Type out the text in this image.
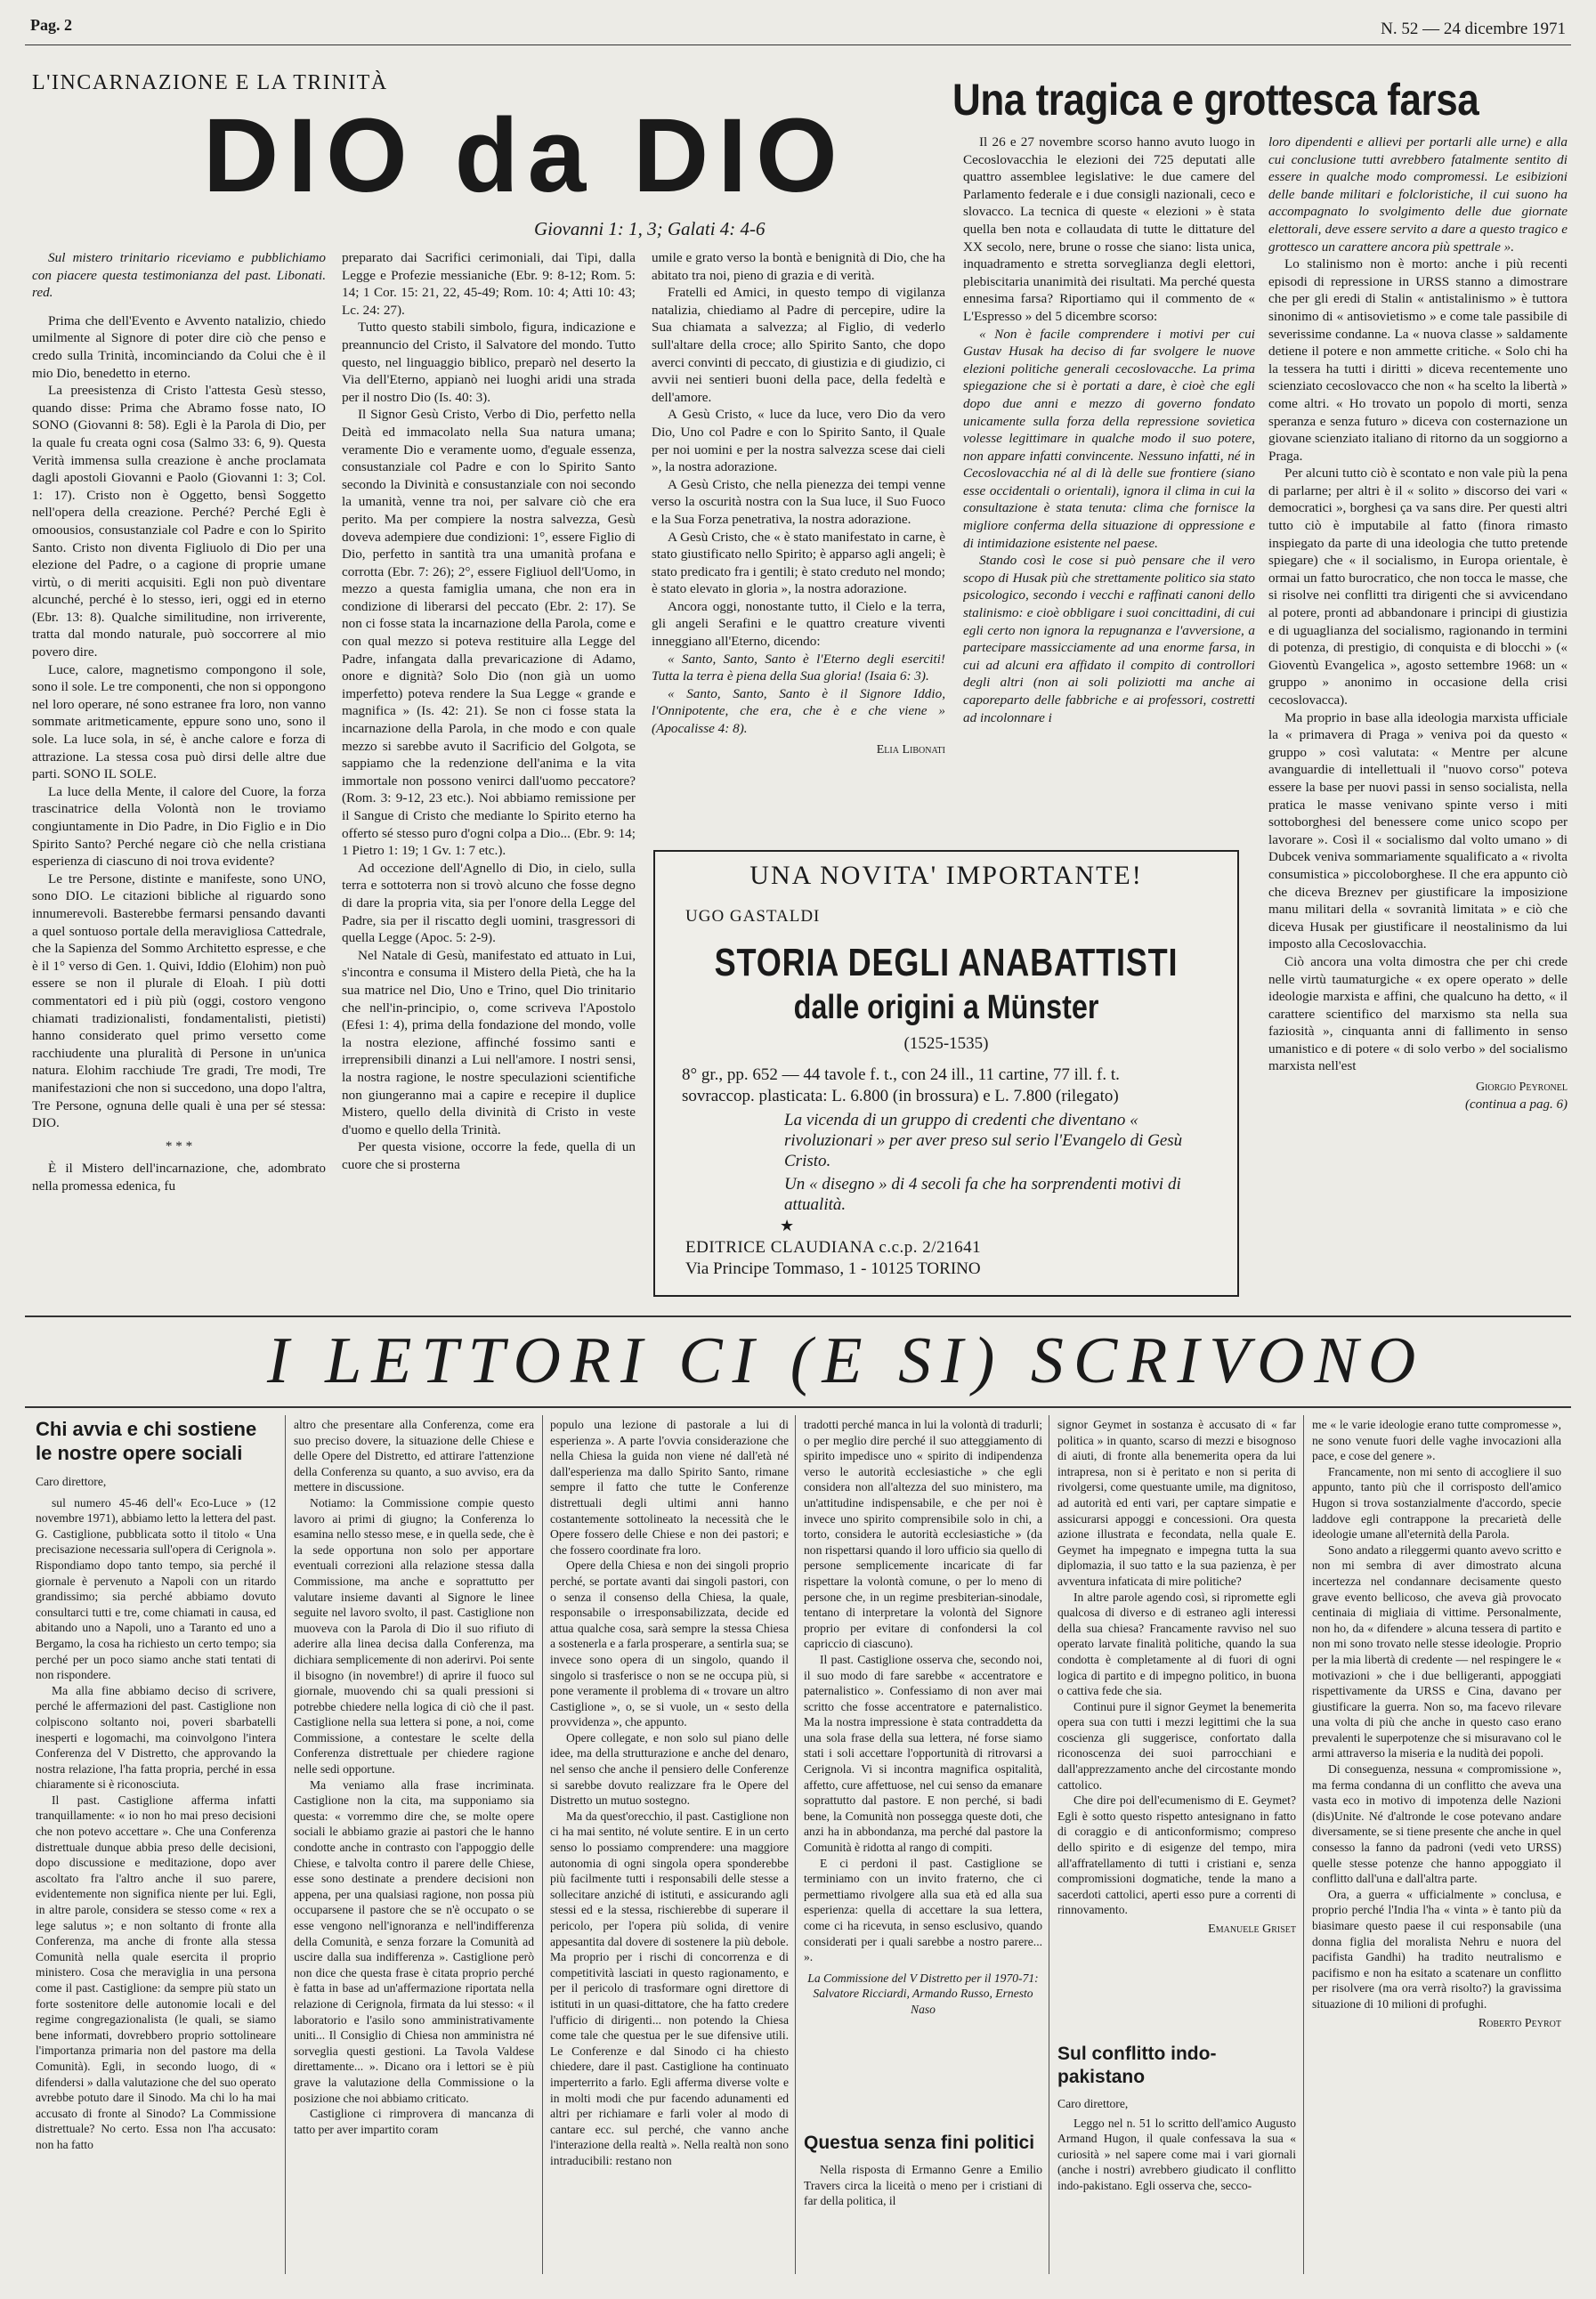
Pag. 2	N. 52 — 24 dicembre 1971
L'INCARNAZIONE E LA TRINITÀ
DIO da DIO
Giovanni 1: 1, 3; Galati 4: 4-6

Sul mistero trinitario riceviamo e pubblichiamo con piacere questa testimonianza del past. Libonati. red.

Prima che dell'Evento e Avvento natalizio, chiedo umilmente al Signore di poter dire ciò che penso e credo sulla Trinità, incominciando da Colui che è il mio Dio, benedetto in eterno.

La preesistenza di Cristo l'attesta Gesù stesso, quando disse: Prima che Abramo fosse nato, IO SONO (Giovanni 8: 58). Egli è la Parola di Dio, per la quale fu creata ogni cosa (Salmo 33: 6, 9). Questa Verità immensa sulla creazione è anche proclamata dagli apostoli Giovanni e Paolo (Giovanni 1: 3; Col. 1: 17). Cristo non è Oggetto, bensì Soggetto nell'opera della creazione. Perché? Perché Egli è omoousios, consustanziale col Padre e con lo Spirito Santo. Cristo non diventa Figliuolo di Dio per una elezione del Padre, o a cagione di proprie umane virtù, o di meriti acquisiti. Egli non può diventare alcunché, perché è lo stesso, ieri, oggi ed in eterno (Ebr. 13: 8). Qualche similitudine, non irriverente, tratta dal mondo naturale, può soccorrere al mio povero dire.

Luce, calore, magnetismo compongono il sole, sono il sole. Le tre componenti, che non si oppongono nel loro operare, né sono estranee fra loro, non vanno sommate aritmeticamente, eppure sono uno, sono il sole. La luce sola, in sé, è anche calore e forza di attrazione. La stessa cosa può dirsi delle altre due parti. SONO IL SOLE.

La luce della Mente, il calore del Cuore, la forza trascinatrice della Volontà non le troviamo congiuntamente in Dio Padre, in Dio Figlio e in Dio Spirito Santo? Perché negare ciò che nella cristiana esperienza di ciascuno di noi trova evidente?

Le tre Persone, distinte e manifeste, sono UNO, sono DIO. Le citazioni bibliche al riguardo sono innumerevoli. Basterebbe fermarsi pensando davanti a quel sontuoso portale della meravigliosa Cattedrale, che la Sapienza del Sommo Architetto espresse, e che è il 1° verso di Gen. 1. Quivi, Iddio (Elohim) non può essere se non il plurale di Eloah. I più dotti commentatori ed i più più (oggi, costoro vengono chiamati tradizionalisti, fondamentalisti, pietisti) hanno considerato quel primo versetto come racchiudente una pluralità di Persone in un'unica natura. Elohim racchiude Tre gradi, Tre modi, Tre manifestazioni che non si succedono, una dopo l'altra, Tre Persone, ognuna delle quali è una per sé stessa: DIO.

* * *

È il Mistero dell'incarnazione, che, adombrato nella promessa edenica, fu

preparato dai Sacrifici cerimoniali, dai Tipi, dalla Legge e Profezie messianiche (Ebr. 9: 8-12; Rom. 5: 14; 1 Cor. 15: 21, 22, 45-49; Rom. 10: 4; Atti 10: 43; Lc. 24: 27).

Tutto questo stabili simbolo, figura, indicazione e preannuncio del Cristo, il Salvatore del mondo. Tutto questo, nel linguaggio biblico, preparò nel deserto la Via dell'Eterno, appianò nei luoghi aridi una strada per il nostro Dio (Is. 40: 3).

Il Signor Gesù Cristo, Verbo di Dio, perfetto nella Deità ed immacolato nella Sua natura umana; veramente Dio e veramente uomo, d'eguale essenza, consustanziale col Padre e con lo Spirito Santo secondo la Divinità e consustanziale con noi secondo la umanità, venne tra noi, per salvare ciò che era perito. Ma per compiere la nostra salvezza, Gesù doveva adempiere due condizioni: 1°, essere Figlio di Dio, perfetto in santità tra una umanità profana e corrotta (Ebr. 7: 26); 2°, essere Figliuol dell'Uomo, in mezzo a questa famiglia umana, che non era in condizione di liberarsi del peccato (Ebr. 2: 17). Se non ci fosse stata la incarnazione della Parola, come e con qual mezzo si poteva restituire alla Legge del Padre, infangata dalla prevaricazione di Adamo, onore e dignità? Solo Dio (non già un uomo imperfetto) poteva rendere la Sua Legge « grande e magnifica » (Is. 42: 21). Se non ci fosse stata la incarnazione della Parola, in che modo e con quale mezzo si sarebbe avuto il Sacrificio del Golgota, se sappiamo che la redenzione dell'anima e la vita immortale non possono venirci dall'uomo peccatore? (Rom. 3: 9-12, 23 etc.). Noi abbiamo remissione per il Sangue di Cristo che mediante lo Spirito eterno ha offerto sé stesso puro d'ogni colpa a Dio... (Ebr. 9: 14; 1 Pietro 1: 19; 1 Gv. 1: 7 etc.).

Ad occezione dell'Agnello di Dio, in cielo, sulla terra e sottoterra non si trovò alcuno che fosse degno di dare la propria vita, sia per l'onore della Legge del Padre, sia per il riscatto degli uomini, trasgressori di quella Legge (Apoc. 5: 2-9).

Nel Natale di Gesù, manifestato ed attuato in Lui, s'incontra e consuma il Mistero della Pietà, che ha la sua matrice nel Dio, Uno e Trino, quel Dio trinitario che nell'in-principio, o, come scriveva l'Apostolo (Efesi 1: 4), prima della fondazione del mondo, volle la nostra elezione, affinché fossimo santi e irreprensibili dinanzi a Lui nell'amore. I nostri sensi, la nostra ragione, le nostre speculazioni scientifiche non giungeranno mai a capire e recepire il duplice Mistero, quello della divinità di Cristo in veste d'uomo e quello della Trinità.

Per questa visione, occorre la fede, quella di un cuore che si prosterna

umile e grato verso la bontà e benignità di Dio, che ha abitato tra noi, pieno di grazia e di verità.

Fratelli ed Amici, in questo tempo di vigilanza natalizia, chiediamo al Padre di percepire, udire la Sua chiamata a salvezza; al Figlio, di vederlo sull'altare della croce; allo Spirito Santo, che dopo averci convinti di peccato, di giustizia e di giudizio, ci avvii nei sentieri buoni della pace, della fedeltà e dell'amore.

A Gesù Cristo, « luce da luce, vero Dio da vero Dio, Uno col Padre e con lo Spirito Santo, il Quale per noi uomini e per la nostra salvezza scese dai cieli », la nostra adorazione.

A Gesù Cristo, che nella pienezza dei tempi venne verso la oscurità nostra con la Sua luce, il Suo Fuoco e la Sua Forza penetrativa, la nostra adorazione.

A Gesù Cristo, che « è stato manifestato in carne, è stato giustificato nello Spirito; è apparso agli angeli; è stato predicato fra i gentili; è stato creduto nel mondo; è stato elevato in gloria », la nostra adorazione.

Ancora oggi, nonostante tutto, il Cielo e la terra, gli angeli Serafini e le quattro creature viventi inneggiano all'Eterno, dicendo:

« Santo, Santo, Santo è l'Eterno degli eserciti! Tutta la terra è piena della Sua gloria! (Isaia 6: 3).

« Santo, Santo, Santo è il Signore Iddio, l'Onnipotente, che era, che è e che viene » (Apocalisse 4: 8).

Elia Libonati
Una tragica e grottesca farsa

Il 26 e 27 novembre scorso hanno avuto luogo in Cecoslovacchia le elezioni dei 725 deputati alle quattro assemblee legislative: le due camere del Parlamento federale e i due consigli nazionali, ceco e slovacco. La tecnica di queste « elezioni » è stata quella ben nota e collaudata di tutte le dittature del XX secolo, nere, brune o rosse che siano: lista unica, inquadramento e stretta sorveglianza degli elettori, plebiscitaria unanimità dei risultati. Ma perché questa ennesima farsa? Riportiamo qui il commento de « L'Espresso » del 5 dicembre scorso:

« Non è facile comprendere i motivi per cui Gustav Husak ha deciso di far svolgere le nuove elezioni politiche generali cecoslovacche. La prima spiegazione che si è portati a dare, è cioè che egli dopo due anni e mezzo di governo fondato unicamente sulla forza della repressione sovietica volesse legittimare in qualche modo il suo potere, non appare infatti convincente. Nessuno infatti, né in Cecoslovacchia né al di là delle sue frontiere (siano esse occidentali o orientali), ignora il clima in cui la consultazione è stata tenuta: clima che fornisce la migliore conferma della situazione di oppressione e di intimidazione esistente nel paese.

Stando così le cose si può pensare che il vero scopo di Husak più che strettamente politico sia stato psicologico, secondo i vecchi e raffinati canoni dello stalinismo: e cioè obbligare i suoi concittadini, di cui egli certo non ignora la repugnanza e l'avversione, a partecipare massicciamente ad una enorme farsa, in cui ad alcuni era affidato il compito di controllori degli altri (non ai soli poliziotti ma anche ai caporeparto delle fabbriche e ai professori, costretti ad incolonnare i

loro dipendenti e allievi per portarli alle urne) e alla cui conclusione tutti avrebbero fatalmente sentito di essere in qualche modo compromessi. Le esibizioni delle bande militari e folcloristiche, il cui suono ha accompagnato lo svolgimento delle due giornate elettorali, deve essere servito a dare a questo tragico e grottesco un carattere ancora più spettrale ».

Lo stalinismo non è morto: anche i più recenti episodi di repressione in URSS stanno a dimostrare che per gli eredi di Stalin « antistalinismo » è tuttora sinonimo di « antisovietismo » e come tale passibile di severissime condanne. La « nuova classe » saldamente detiene il potere e non ammette critiche. « Solo chi ha la tessera ha tutti i diritti » diceva recentemente uno scienziato cecoslovacco che non « ha scelto la libertà » come altri. « Ho trovato un popolo di morti, senza speranza e senza futuro » diceva con costernazione un giovane scienziato italiano di ritorno da un soggiorno a Praga.

Per alcuni tutto ciò è scontato e non vale più la pena di parlarne; per altri è il « solito » discorso dei vari « democratici », borghesi ça va sans dire. Per questi altri tutto ciò è imputabile al fatto (finora rimasto inspiegato da parte di una ideologia che tutto pretende spiegare) che « il socialismo, in Europa orientale, è ormai un fatto burocratico, che non tocca le masse, che si risolve nei conflitti tra dirigenti che si avvicendano al potere, pronti ad abbandonare i principi di giustizia e di uguaglianza del socialismo, ragionando in termini di potenza, di prestigio, di conquista e di blocchi » (« Gioventù Evangelica », agosto settembre 1968: un « gruppo » anonimo in occasione della crisi cecoslovacca).

Ma proprio in base alla ideologia marxista ufficiale la « primavera di Praga » veniva poi da questo « gruppo » così valutata: « Mentre per alcune avanguardie di intellettuali il "nuovo corso" poteva essere la base per nuovi passi in senso socialista, nella pratica le masse venivano spinte verso i miti sottoborghesi del benessere come unico scopo per lavorare ». Così il « socialismo dal volto umano » di Dubcek veniva sommariamente squalificato a « rivolta consumistica » piccoloborghese. Il che era appunto ciò che diceva Breznev per giustificare la imposizione manu militari della « sovranità limitata » e ciò che diceva Husak per giustificare il neostalinismo da lui imposto alla Cecoslovacchia.

Ciò ancora una volta dimostra che per chi crede nelle virtù taumaturgiche « ex opere operato » delle ideologie marxista e affini, che qualcuno ha detto, « il carattere scientifico del marxismo sta nella sua faziosità », cinquanta anni di fallimento in senso umanistico e di potere « di solo verbo » del socialismo marxista nell'est

Giorgio Peyronel
(continua a pag. 6)
UNA NOVITA' IMPORTANTE!
UGO GASTALDI
STORIA DEGLI ANABATTISTI
dalle origini a Münster
(1525-1535)
8° gr., pp. 652 — 44 tavole f. t., con 24 ill., 11 cartine, 77 ill. f. t.
sovraccop. plasticata: L. 6.800 (in brossura) e L. 7.800 (rilegato)
La vicenda di un gruppo di credenti che diventano « rivoluzionari » per aver preso sul serio l'Evangelo di Gesù Cristo.
Un « disegno » di 4 secoli fa che ha sorprendenti motivi di attualità.
★
EDITRICE CLAUDIANA c.c.p. 2/21641
Via Principe Tommaso, 1 - 10125 TORINO
I LETTORI CI (E SI) SCRIVONO
Chi avvia e chi sostiene le nostre opere sociali

Caro direttore,

sul numero 45-46 dell'« Eco-Luce » (12 novembre 1971), abbiamo letto la lettera del past. G. Castiglione, pubblicata sotto il titolo « Una precisazione necessaria sull'opera di Cerignola ». Rispondiamo dopo tanto tempo, sia perché il giornale è pervenuto a Napoli con un ritardo grandissimo; sia perché abbiamo dovuto consultarci tutti e tre, come chiamati in causa, ed abitando uno a Napoli, uno a Taranto ed uno a Bergamo, la cosa ha richiesto un certo tempo; sia perché per un poco siamo anche stati tentati di non rispondere.

Ma alla fine abbiamo deciso di scrivere, perché le affermazioni del past. Castiglione non colpiscono soltanto noi, poveri sbarbatelli inesperti e logomachi, ma coinvolgono l'intera Conferenza del V Distretto, che approvando la nostra relazione, l'ha fatta propria, perché in essa chiaramente si è riconosciuta.

Il past. Castiglione afferma infatti tranquillamente: « io non ho mai preso decisioni che non potevo accettare ». Che una Conferenza distrettuale dunque abbia preso delle decisioni, dopo discussione e meditazione, dopo aver ascoltato fra l'altro anche il suo parere, evidentemente non significa niente per lui. Egli, in altre parole, considera se stesso come « rex a lege salutus »; e non soltanto di fronte alla Conferenza, ma anche di fronte alla stessa Comunità nella quale esercita il proprio ministero. Cosa che meraviglia in una persona come il past. Castiglione: da sempre più stato un forte sostenitore delle autonomie locali e del regime congregazionalista (le quali, se siamo bene informati, dovrebbero proprio sottolineare l'importanza primaria non del pastore ma della Comunità). Egli, in secondo luogo, di « difendersi » dalla valutazione che del suo operato avrebbe potuto dare il Sinodo. Ma chi lo ha mai accusato di fronte al Sinodo? La Commissione distrettuale? No certo. Essa non l'ha accusato: non ha fatto

altro che presentare alla Conferenza, come era suo preciso dovere, la situazione delle Chiese e delle Opere del Distretto, ed attirare l'attenzione della Conferenza su quanto, a suo avviso, era da mettere in discussione.

Notiamo: la Commissione compie questo lavoro ai primi di giugno; la Conferenza lo esamina nello stesso mese, e in quella sede, che è la sede opportuna non solo per apportare eventuali correzioni alla relazione stessa dalla Commissione, ma anche e soprattutto per valutare insieme davanti al Signore le linee seguite nel lavoro svolto, il past. Castiglione non muoveva con la Parola di Dio il suo rifiuto di aderire alla linea decisa dalla Conferenza, ma dichiara semplicemente di non aderirvi. Poi sente il bisogno (in novembre!) di aprire il fuoco sul giornale, muovendo chi sa quali pressioni si potrebbe chiedere nella logica di ciò che il past. Castiglione nella sua lettera si pone, a noi, come Commissione, a contestare le scelte della Conferenza distrettuale per chiedere ragione nelle sedi opportune.

Ma veniamo alla frase incriminata. Castiglione non la cita, ma supponiamo sia questa: « vorremmo dire che, se molte opere sociali le abbiamo grazie ai pastori che le hanno condotte anche in contrasto con l'appoggio delle Chiese, e talvolta contro il parere delle Chiese, esse sono destinate a prendere decisioni non appena, per una qualsiasi ragione, non possa più occuparsene il pastore che se n'è occupato o se esse vengono nell'ignoranza e nell'indifferenza della Comunità, e senza forzare la Comunità ad uscire dalla sua indifferenza ». Castiglione però non dice che questa frase è citata proprio perché è fatta in base ad un'affermazione riportata nella relazione di Cerignola, firmata da lui stesso: « il laboratorio e l'asilo sono amministrativamente uniti... Il Consiglio di Chiesa non amministra né sorveglia questi gestioni. La Tavola Valdese direttamente... ». Dicano ora i lettori se è più grave la valutazione della Commissione o la posizione che noi abbiamo criticato.

Castiglione ci rimprovera di mancanza di tatto per aver impartito coram

populo una lezione di pastorale a lui di esperienza ». A parte l'ovvia considerazione che nella Chiesa la guida non viene né dall'età né dall'esperienza ma dallo Spirito Santo, rimane sempre il fatto che tutte le Conferenze distrettuali degli ultimi anni hanno costantemente sottolineato la necessità che le Opere fossero delle Chiese e non dei pastori; e che fossero coordinate fra loro.

Opere della Chiesa e non dei singoli proprio perché, se portate avanti dai singoli pastori, con o senza il consenso della Chiesa, la quale, responsabile o irresponsabilizzata, decide ed attua qualche cosa, sarà sempre la stessa Chiesa a sostenerla e a farla prosperare, a sentirla sua; se invece sono opera di un singolo, quando il singolo si trasferisce o non se ne occupa più, si pone veramente il problema di « trovare un altro Castiglione », o, se si vuole, un « sesto della provvidenza », che appunto.

Opere collegate, e non solo sul piano delle idee, ma della strutturazione e anche del denaro, nel senso che anche il pensiero delle Conferenze si sarebbe dovuto realizzare fra le Opere del Distretto un mutuo sostegno.

Ma da quest'orecchio, il past. Castiglione non ci ha mai sentito, né volute sentire. E in un certo senso lo possiamo comprendere: una maggiore autonomia di ogni singola opera sponderebbe più facilmente tutti i responsabili delle stesse a sollecitare anziché di istituti, e assicurando agli stessi ed e la stessa, rischierebbe di superare il pericolo, per l'opera più solida, di venire appesantita dal dovere di sostenere la più debole. Ma proprio per i rischi di concorrenza e di competitività lasciati in questo ragionamento, e per il pericolo di trasformare ogni direttore di istituti in un quasi-dittatore, che ha fatto credere l'ufficio di dirigenti... non potendo la Chiesa come tale che questua per le sue difensive utili. Le Conferenze e dal Sinodo ci ha chiesto chiedere, dare il past. Castiglione ha continuato imperterrito a farlo. Egli afferma diverse volte e in molti modi che pur facendo adunamenti ed altri per richiamare e farli voler al modo di cantare ecc. sul perché, che vanno anche l'interazione della realtà ». Nella realtà non sono intraducibili: restano non

tradotti perché manca in lui la volontà di tradurli; o per meglio dire perché il suo atteggiamento di spirito impedisce uno « spirito di indipendenza verso le autorità ecclesiastiche » che egli considera non all'altezza del suo ministero, ma un'attitudine indispensabile, e che per noi è invece uno spirito comprensibile solo in chi, a torto, considera le autorità ecclesiastiche » (da non rispettarsi quando il loro ufficio sia quello di persone semplicemente incaricate di far rispettare la volontà comune, o per lo meno di persone che, in un regime presbiterian-sinodale, tentano di interpretare la volontà del Signore proprio per evitare di confondersi la col capriccio di ciascuno).

Il past. Castiglione osserva che, secondo noi, il suo modo di fare sarebbe « accentratore e paternalistico ». Confessiamo di non aver mai scritto che fosse accentratore e paternalistico. Ma la nostra impressione è stata contraddetta da una sola frase della sua lettera, né forse siamo stati i soli accettare l'opportunità di ritrovarsi a Cerignola. Vi si incontra magnifica ospitalità, affetto, cure affettuose, nel cui senso da emanare soprattutto dal pastore. E non perché, si badi bene, la Comunità non possegga queste doti, che anzi ha in abbondanza, ma perché dal pastore la Comunità è ridotta al rango di compiti.

E ci perdoni il past. Castiglione se terminiamo con un invito fraterno, che ci permettiamo rivolgere alla sua età ed alla sua esperienza: quella di accettare la sua lettera, come ci ha ricevuta, in senso esclusivo, quando considerati per i quali sarebbe a nostro parere... ».

La Commissione del V Distretto per il 1970-71: Salvatore Ricciardi, Armando Russo, Ernesto Naso

Questua senza fini politici

Nella risposta di Ermanno Genre a Emilio Travers circa la liceità o meno per i cristiani di far della politica, il

signor Geymet in sostanza è accusato di « far politica » in quanto, scarso di mezzi e bisognoso di aiuti, di fronte alla benemerita opera da lui intrapresa, non si è peritato e non si perita di rivolgersi, come questuante umile, ma dignitoso, ad autorità ed enti vari, per captare simpatie e assicurarsi appoggi e concessioni. Ora questa azione illustrata e fecondata, nella quale E. Geymet ha impegnato e impegna tutta la sua diplomazia, il suo tatto e la sua pazienza, è per avventura infaticata di mire politiche?

In altre parole agendo così, si ripromette egli qualcosa di diverso e di estraneo agli interessi della sua chiesa? Francamente ravviso nel suo operato larvate finalità politiche, quando la sua condotta è completamente al di fuori di ogni logica di partito e di impegno politico, in buona o cattiva fede che sia.

Continui pure il signor Geymet la benemerita opera sua con tutti i mezzi legittimi che la sua coscienza gli suggerisce, confortato dalla riconoscenza dei suoi parrocchiani e dall'apprezzamento anche del circostante mondo cattolico.

Che dire poi dell'ecumenismo di E. Geymet? Egli è sotto questo rispetto antesignano in fatto di coraggio e di anticonformismo; compreso dello spirito e di esigenze del tempo, mira all'affratellamento di tutti i cristiani e, senza compromissioni dogmatiche, tende la mano a sacerdoti cattolici, aperti esso pure a correnti di rinnovamento.

Emanuele Griset
Sul conflitto indo-pakistano

Caro direttore,

Leggo nel n. 51 lo scritto dell'amico Augusto Armand Hugon, il quale confessava la sua « curiosità » nel sapere come mai i vari giornali (anche i nostri) avrebbero giudicato il conflitto indo-pakistano. Egli osserva che, secco-

me « le varie ideologie erano tutte compromesse », ne sono venute fuori delle vaghe invocazioni alla pace, e cose del genere ».

Francamente, non mi sento di accogliere il suo appunto, tanto più che il corrisposto dell'amico Hugon si trova sostanzialmente d'accordo, specie laddove egli contrappone la precarietà delle ideologie umane all'eternità della Parola.

Sono andato a rileggermi quanto avevo scritto e non mi sembra di aver dimostrato alcuna incertezza nel condannare decisamente questo grave evento bellicoso, che aveva già provocato centinaia di migliaia di vittime. Personalmente, non ho, da « difendere » alcuna tessera di partito e non mi sono trovato nelle stesse ideologie. Proprio per la mia libertà di credente — nel respingere le « motivazioni » che i due belligeranti, appoggiati rispettivamente da URSS e Cina, davano per giustificare la guerra. Non so, ma facevo rilevare una volta di più che anche in questo caso erano prevalenti le superpotenze che si misuravano col le armi attraverso la miseria e la nudità dei popoli.

Di conseguenza, nessuna « compromissione », ma ferma condanna di un conflitto che aveva una vasta eco in motivo di impotenza delle Nazioni (dis)Unite. Né d'altronde le cose potevano andare diversamente, se si tiene presente che anche in quel consesso la fanno da padroni (vedi veto URSS) quelle stesse potenze che hanno appoggiato il conflitto dall'una e dall'altra parte.

Ora, a guerra « ufficialmente » conclusa, e proprio perché l'India l'ha « vinta » è tanto più da biasimare questo paese il cui responsabile (una donna figlia del moralista Nehru e nuora del pacifista Gandhi) ha tradito neutralismo e pacifismo e non ha esitato a scatenare un conflitto per risolvere (ma ora verrà risolto?) la gravissima situazione di 10 milioni di profughi.

Roberto Peyrot
